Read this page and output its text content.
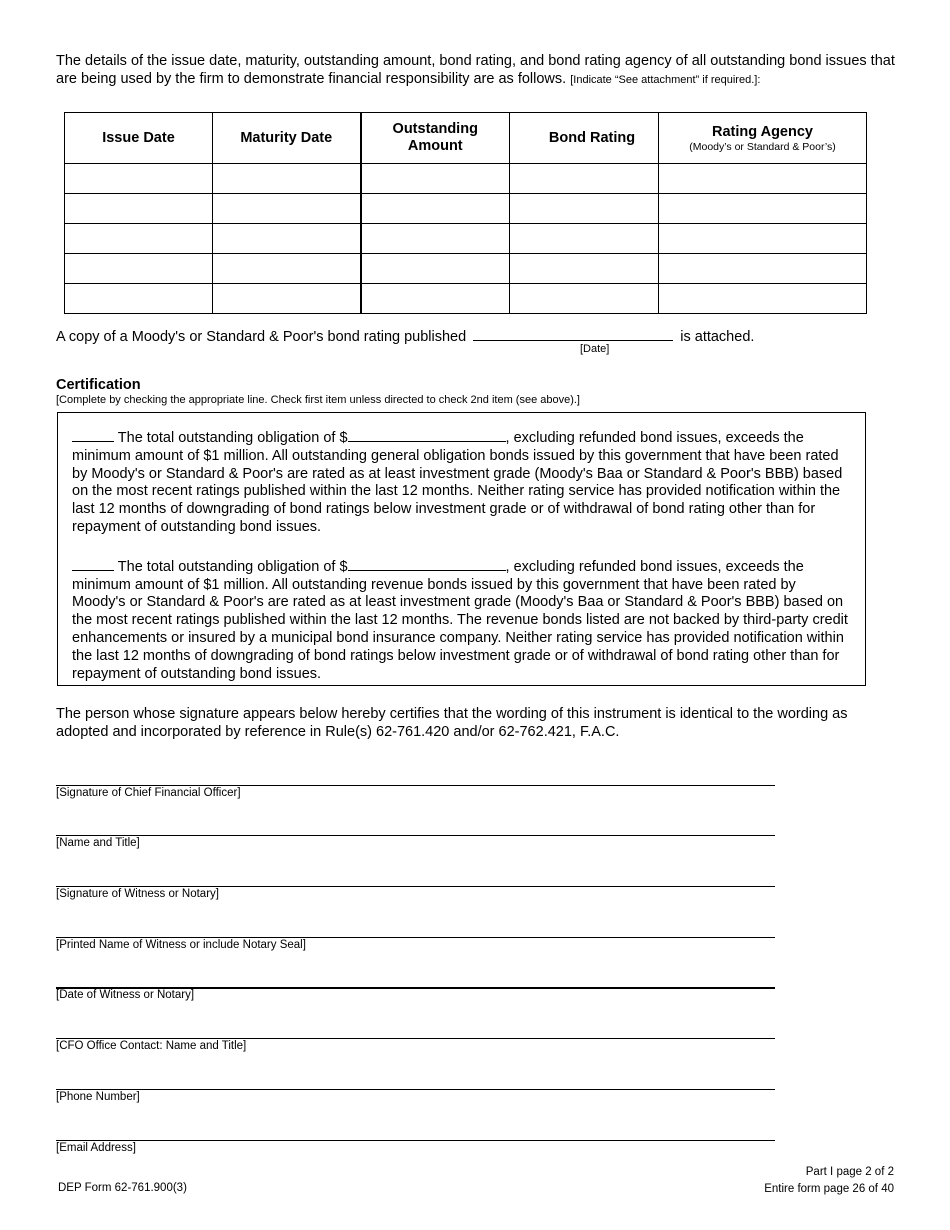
The details of the issue date, maturity, outstanding amount, bond rating, and bond rating agency of all outstanding bond issues that are being used by the firm to demonstrate financial responsibility are as follows. [Indicate “See attachment” if required.]:
Issue Date	Maturity Date	Outstanding Amount	Bond Rating	Rating Agency
(Moody’s or Standard & Poor’s)

A copy of a Moody's or Standard & Poor's bond rating published	is attached.
[Date]
Certification
[Complete by checking the appropriate line. Check first item unless directed to check 2nd item (see above).]

The total outstanding obligation of $	, excluding refunded bond issues, exceeds the minimum amount of $1 million. All outstanding general obligation bonds issued by this government that have been rated by Moody's or Standard & Poor's are rated as at least investment grade (Moody's Baa or Standard & Poor's BBB) based on the most recent ratings published within the last 12 months. Neither rating service has provided notification within the last 12 months of downgrading of bond ratings below investment grade or of withdrawal of bond rating other than for repayment of outstanding bond issues.

The total outstanding obligation of $	, excluding refunded bond issues, exceeds the minimum amount of $1 million. All outstanding revenue bonds issued by this government that have been rated by Moody's or Standard & Poor's are rated as at least investment grade (Moody's Baa or Standard & Poor's BBB) based on the most recent ratings published within the last 12 months. The revenue bonds listed are not backed by third-party credit enhancements or insured by a municipal bond insurance company. Neither rating service has provided notification within the last 12 months of downgrading of bond ratings below investment grade or of withdrawal of bond rating other than for repayment of outstanding bond issues.

The person whose signature appears below hereby certifies that the wording of this instrument is identical to the wording as adopted and incorporated by reference in Rule(s) 62-761.420 and/or 62-762.421, F.A.C.
[Signature of Chief Financial Officer]
[Name and Title]
[Signature of Witness or Notary]
[Printed Name of Witness or include Notary Seal]
[Date of Witness or Notary]
[CFO Office Contact: Name and Title]
[Phone Number]
[Email Address]
DEP Form 62-761.900(3)
Part I page 2 of 2
Entire form page 26 of 40
